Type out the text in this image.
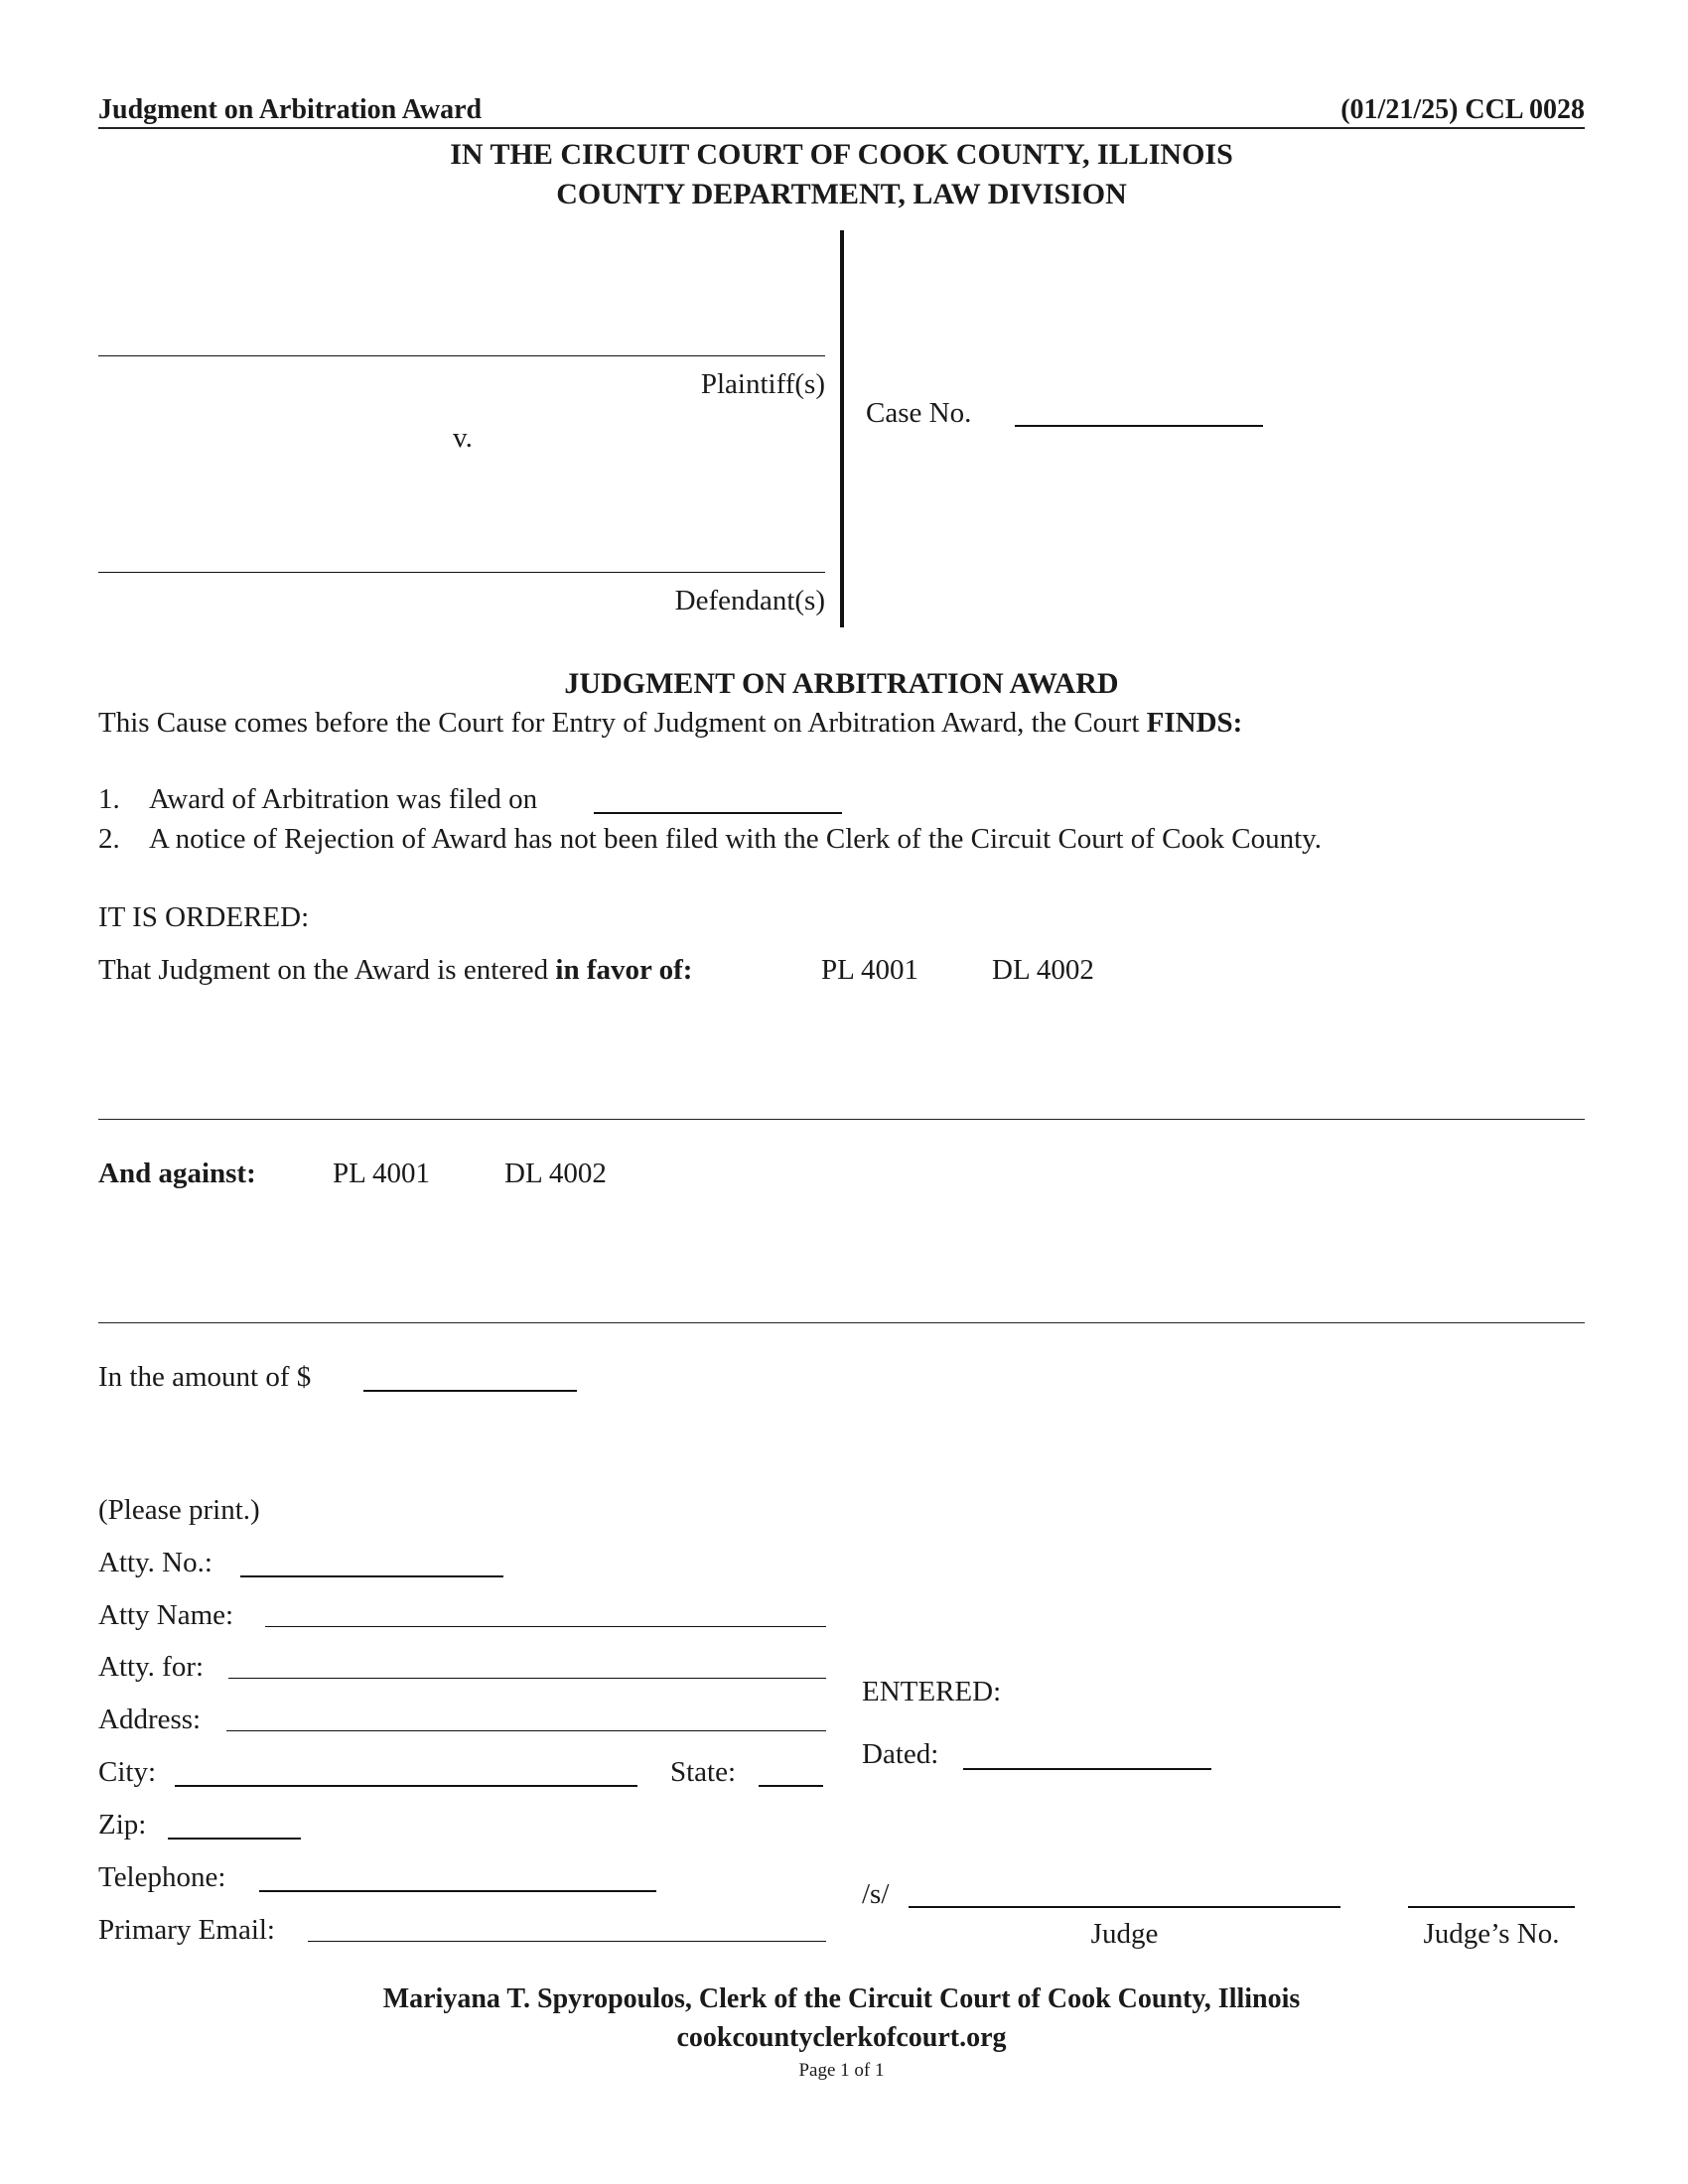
Judgment on Arbitration Award	(01/21/25) CCL 0028
IN THE CIRCUIT COURT OF COOK COUNTY, ILLINOIS
COUNTY DEPARTMENT, LAW DIVISION
Plaintiff(s)
v.
Defendant(s)
Case No.
JUDGMENT ON ARBITRATION AWARD
This Cause comes before the Court for Entry of Judgment on Arbitration Award, the Court FINDS:
1. Award of Arbitration was filed on
2. A notice of Rejection of Award has not been filed with the Clerk of the Circuit Court of Cook County.
IT IS ORDERED:
That Judgment on the Award is entered in favor of:	PL 4001	DL 4002
And against:	PL 4001	DL 4002
In the amount of $
(Please print.)
Atty. No.:
Atty Name:
Atty. for:
Address:
City:	State:
Zip:
Telephone:
Primary Email:
ENTERED:
Dated:
/s/
Judge	Judge’s No.
Mariyana T. Spyropoulos, Clerk of the Circuit Court of Cook County, Illinois
cookcountyclerkofcourt.org
Page 1 of 1
